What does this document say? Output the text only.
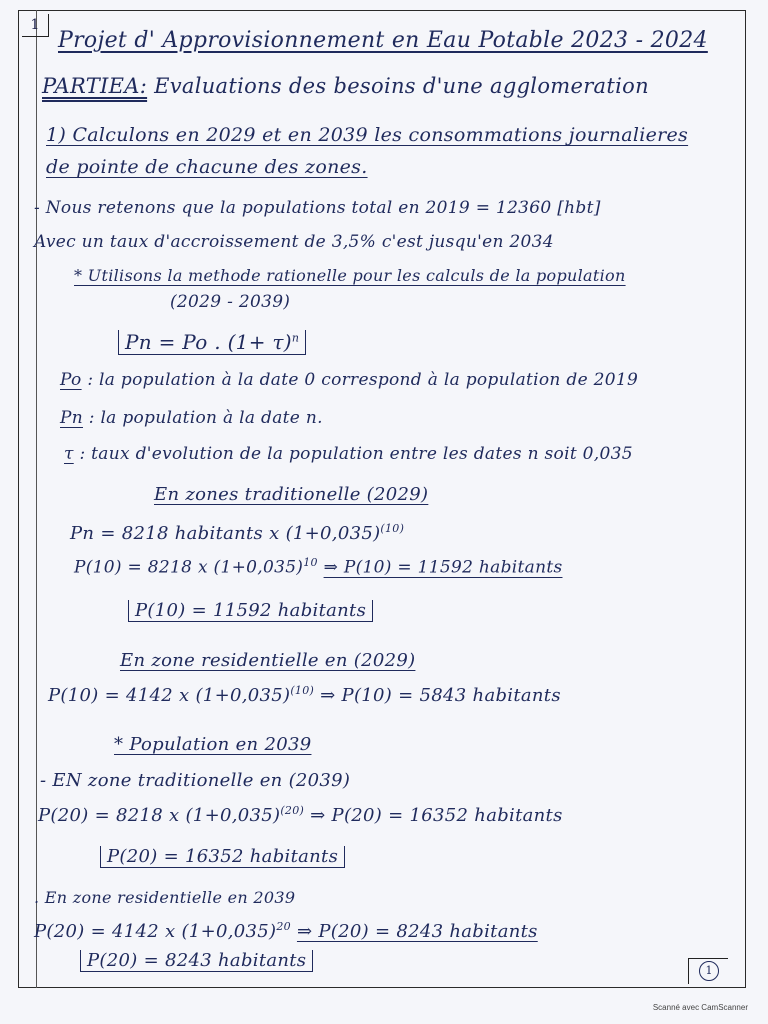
1
Projet d' Approvisionnement en Eau Potable 2023 - 2024
PARTIEA: Evaluations des besoins d'une agglomeration
1) Calculons en 2029 et en 2039 les consommations journalieres
de pointe de chacune des zones.
- Nous retenons que la populations total en 2019 = 12360 [hbt]
Avec un taux d'accroissement de 3,5% c'est jusqu'en 2034
* Utilisons la methode rationelle pour les calculs de la population
(2029 - 2039)
Pn = Po . $(1+ \tau)^n$
Po : la population à la date 0 correspond à la population de 2019
Pn : la population à la date n.
τ : taux d'evolution de la population entre les dates n soit 0,035
En zones traditionelle (2029)
Pn = 8218 habitants x $(1+0,035)^{(10)}$
P(10) = 8218 x $(1+0,035)^{10}$ ⇒ P(10) = 11592 habitants
P(10) = 11592 habitants
En zone residentielle en (2029)
P(10) = 4142 x $(1+0,035)^{(10)}$ ⇒ P(10) = 5843 habitants
* Population en 2039
- EN zone traditionelle en (2039)
P(20) = 8218 x $(1+0,035)^{(20)}$ ⇒ P(20) = 16352 habitants
P(20) = 16352 habitants
. En zone residentielle en 2039
P(20) = 4142 x $(1+0,035)^{20}$ ⇒ P(20) = 8243 habitants
P(20) = 8243 habitants	1
Scanné avec CamScanner
